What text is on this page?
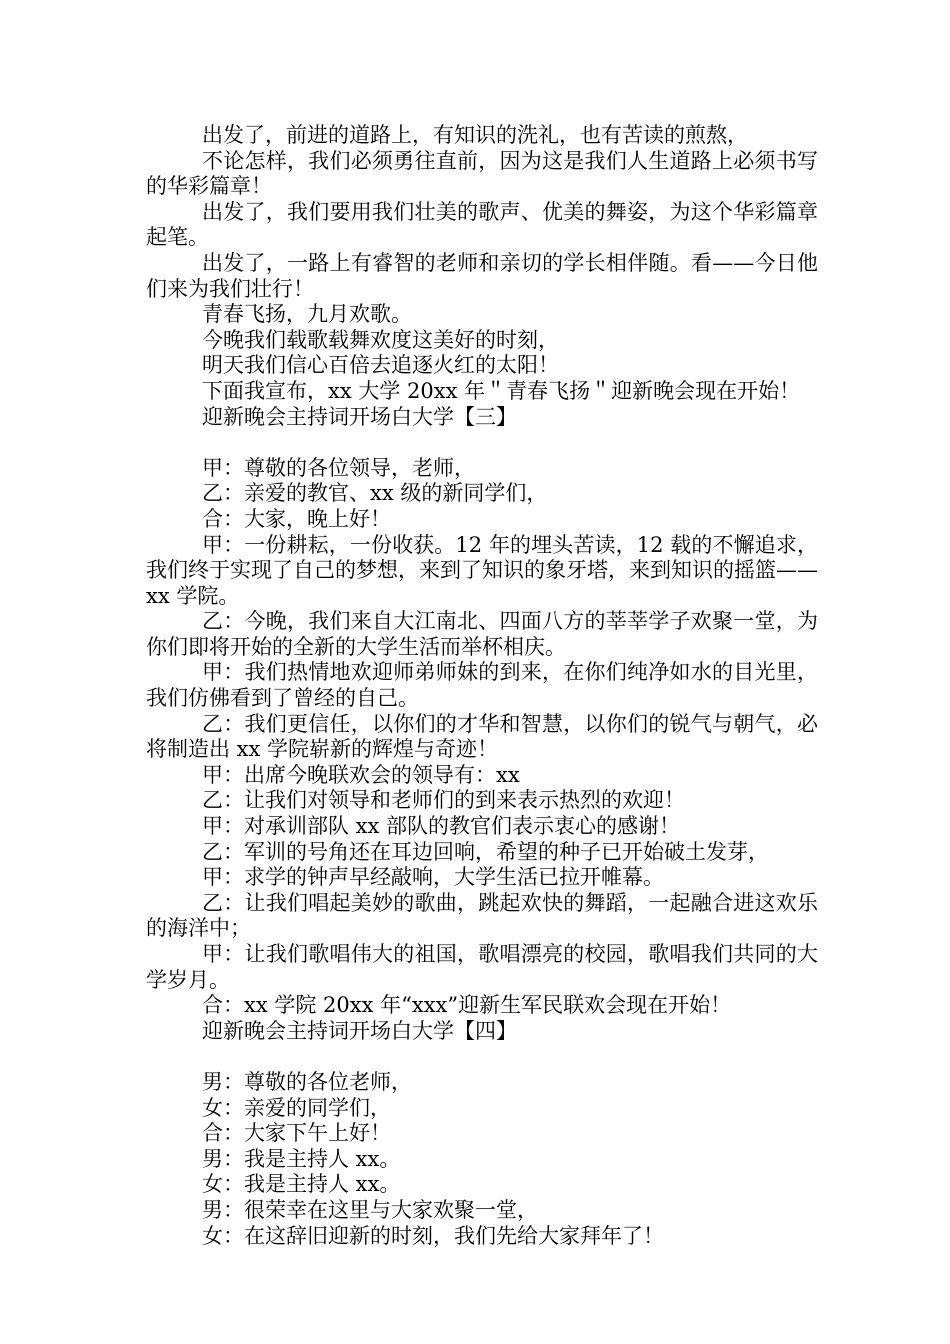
出发了，前进的道路上，有知识的洗礼，也有苦读的煎熬，

不论怎样，我们必须勇往直前，因为这是我们人生道路上必须书写的华彩篇章！

出发了，我们要用我们壮美的歌声、优美的舞姿，为这个华彩篇章起笔。

出发了，一路上有睿智的老师和亲切的学长相伴随。看——今日他们来为我们壮行！

青春飞扬，九月欢歌。

今晚我们载歌载舞欢度这美好的时刻，

明天我们信心百倍去追逐火红的太阳！

下面我宣布，xx 大学 20xx 年＂青春飞扬＂迎新晚会现在开始！

迎新晚会主持词开场白大学【三】

甲：尊敬的各位领导，老师，

乙：亲爱的教官、xx 级的新同学们，

合：大家，晚上好！

甲：一份耕耘，一份收获。12 年的埋头苦读，12 载的不懈追求，我们终于实现了自己的梦想，来到了知识的象牙塔，来到知识的摇篮——xx 学院。

乙：今晚，我们来自大江南北、四面八方的莘莘学子欢聚一堂，为你们即将开始的全新的大学生活而举杯相庆。

甲：我们热情地欢迎师弟师妹的到来，在你们纯净如水的目光里，我们仿佛看到了曾经的自己。

乙：我们更信任，以你们的才华和智慧，以你们的锐气与朝气，必将制造出 xx 学院崭新的辉煌与奇迹！

甲：出席今晚联欢会的领导有：xx

乙：让我们对领导和老师们的到来表示热烈的欢迎！

甲：对承训部队 xx 部队的教官们表示衷心的感谢！

乙：军训的号角还在耳边回响，希望的种子已开始破土发芽，

甲：求学的钟声早经敲响，大学生活已拉开帷幕。

乙：让我们唱起美妙的歌曲，跳起欢快的舞蹈，一起融合进这欢乐的海洋中；

甲：让我们歌唱伟大的祖国，歌唱漂亮的校园，歌唱我们共同的大学岁月。

合：xx 学院 20xx 年“xxx”迎新生军民联欢会现在开始！

迎新晚会主持词开场白大学【四】

男：尊敬的各位老师，

女：亲爱的同学们，

合：大家下午上好！

男：我是主持人 xx。

女：我是主持人 xx。

男：很荣幸在这里与大家欢聚一堂，

女：在这辞旧迎新的时刻，我们先给大家拜年了！
